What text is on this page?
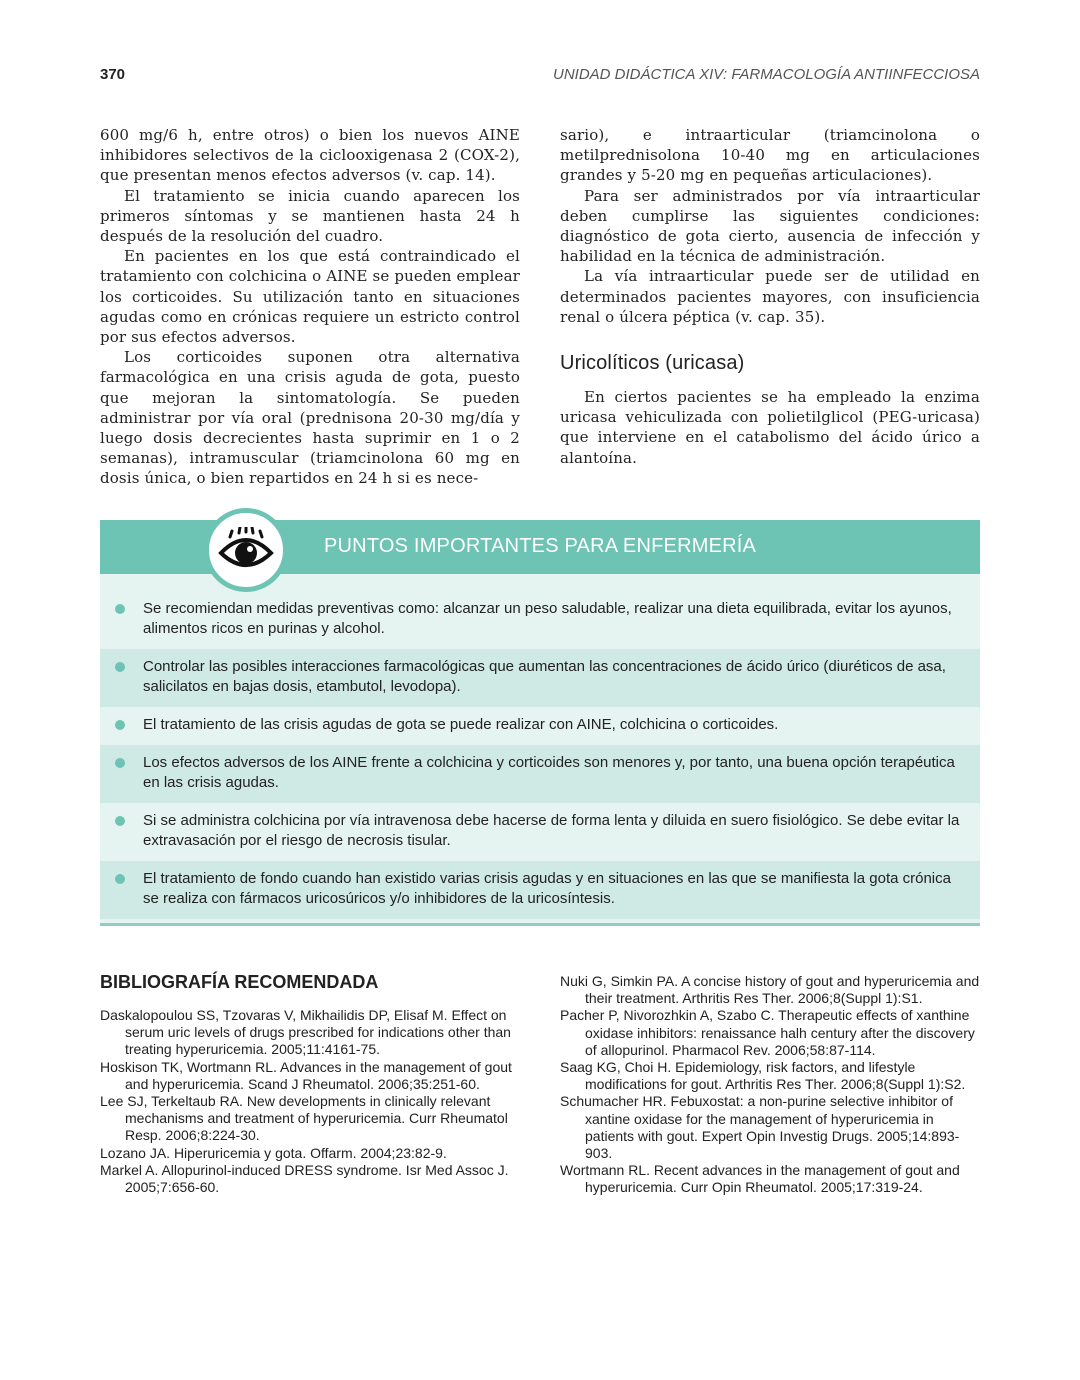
370	UNIDAD DIDÁCTICA XIV: FARMACOLOGÍA ANTIINFECCIOSA

600 mg/6 h, entre otros) o bien los nuevos AINE inhibidores selectivos de la ciclooxigenasa 2 (COX-2), que presentan menos efectos adversos (v. cap. 14).

El tratamiento se inicia cuando aparecen los primeros síntomas y se mantienen hasta 24 h después de la resolución del cuadro.

En pacientes en los que está contraindicado el tratamiento con colchicina o AINE se pueden emplear los corticoides. Su utilización tanto en situaciones agudas como en crónicas requiere un estricto control por sus efectos adversos.

Los corticoides suponen otra alternativa farmacológica en una crisis aguda de gota, puesto que mejoran la sintomatología. Se pueden administrar por vía oral (prednisona 20-30 mg/día y luego dosis decrecientes hasta suprimir en 1 o 2 semanas), intramuscular (triamcinolona 60 mg en dosis única, o bien repartidos en 24 h si es nece-

sario), e intraarticular (triamcinolona o metilprednisolona 10-40 mg en articulaciones grandes y 5-20 mg en pequeñas articulaciones).

Para ser administrados por vía intraarticular deben cumplirse las siguientes condiciones: diagnóstico de gota cierto, ausencia de infección y habilidad en la técnica de administración.

La vía intraarticular puede ser de utilidad en determinados pacientes mayores, con insuficiencia renal o úlcera péptica (v. cap. 35).

Uricolíticos (uricasa)

En ciertos pacientes se ha empleado la enzima uricasa vehiculizada con polietilglicol (PEG-uricasa) que interviene en el catabolismo del ácido úrico a alantoína.

PUNTOS IMPORTANTES PARA ENFERMERÍA
Se recomiendan medidas preventivas como: alcanzar un peso saludable, realizar una dieta equilibrada, evitar los ayunos, alimentos ricos en purinas y alcohol.
Controlar las posibles interacciones farmacológicas que aumentan las concentraciones de ácido úrico (diuréticos de asa, salicilatos en bajas dosis, etambutol, levodopa).
El tratamiento de las crisis agudas de gota se puede realizar con AINE, colchicina o corticoides.
Los efectos adversos de los AINE frente a colchicina y corticoides son menores y, por tanto, una buena opción terapéutica en las crisis agudas.
Si se administra colchicina por vía intravenosa debe hacerse de forma lenta y diluida en suero fisiológico. Se debe evitar la extravasación por el riesgo de necrosis tisular.
El tratamiento de fondo cuando han existido varias crisis agudas y en situaciones en las que se manifiesta la gota crónica se realiza con fármacos uricosúricos y/o inhibidores de la uricosíntesis.
BIBLIOGRAFÍA RECOMENDADA
Daskalopoulou SS, Tzovaras V, Mikhailidis DP, Elisaf M. Effect on serum uric levels of drugs prescribed for indications other than treating hyperuricemia. 2005;11:4161-75.
Hoskison TK, Wortmann RL. Advances in the management of gout and hyperuricemia. Scand J Rheumatol. 2006;35:251-60.
Lee SJ, Terkeltaub RA. New developments in clinically relevant mechanisms and treatment of hyperuricemia. Curr Rheumatol Resp. 2006;8:224-30.
Lozano JA. Hiperuricemia y gota. Offarm. 2004;23:82-9.
Markel A. Allopurinol-induced DRESS syndrome. Isr Med Assoc J. 2005;7:656-60.
Nuki G, Simkin PA. A concise history of gout and hyperuricemia and their treatment. Arthritis Res Ther. 2006;8(Suppl 1):S1.
Pacher P, Nivorozhkin A, Szabo C. Therapeutic effects of xanthine oxidase inhibitors: renaissance halh century after the discovery of allopurinol. Pharmacol Rev. 2006;58:87-114.
Saag KG, Choi H. Epidemiology, risk factors, and lifestyle modifications for gout. Arthritis Res Ther. 2006;8(Suppl 1):S2.
Schumacher HR. Febuxostat: a non-purine selective inhibitor of xantine oxidase for the management of hyperuricemia in patients with gout. Expert Opin Investig Drugs. 2005;14:893-903.
Wortmann RL. Recent advances in the management of gout and hyperuricemia. Curr Opin Rheumatol. 2005;17:319-24.
